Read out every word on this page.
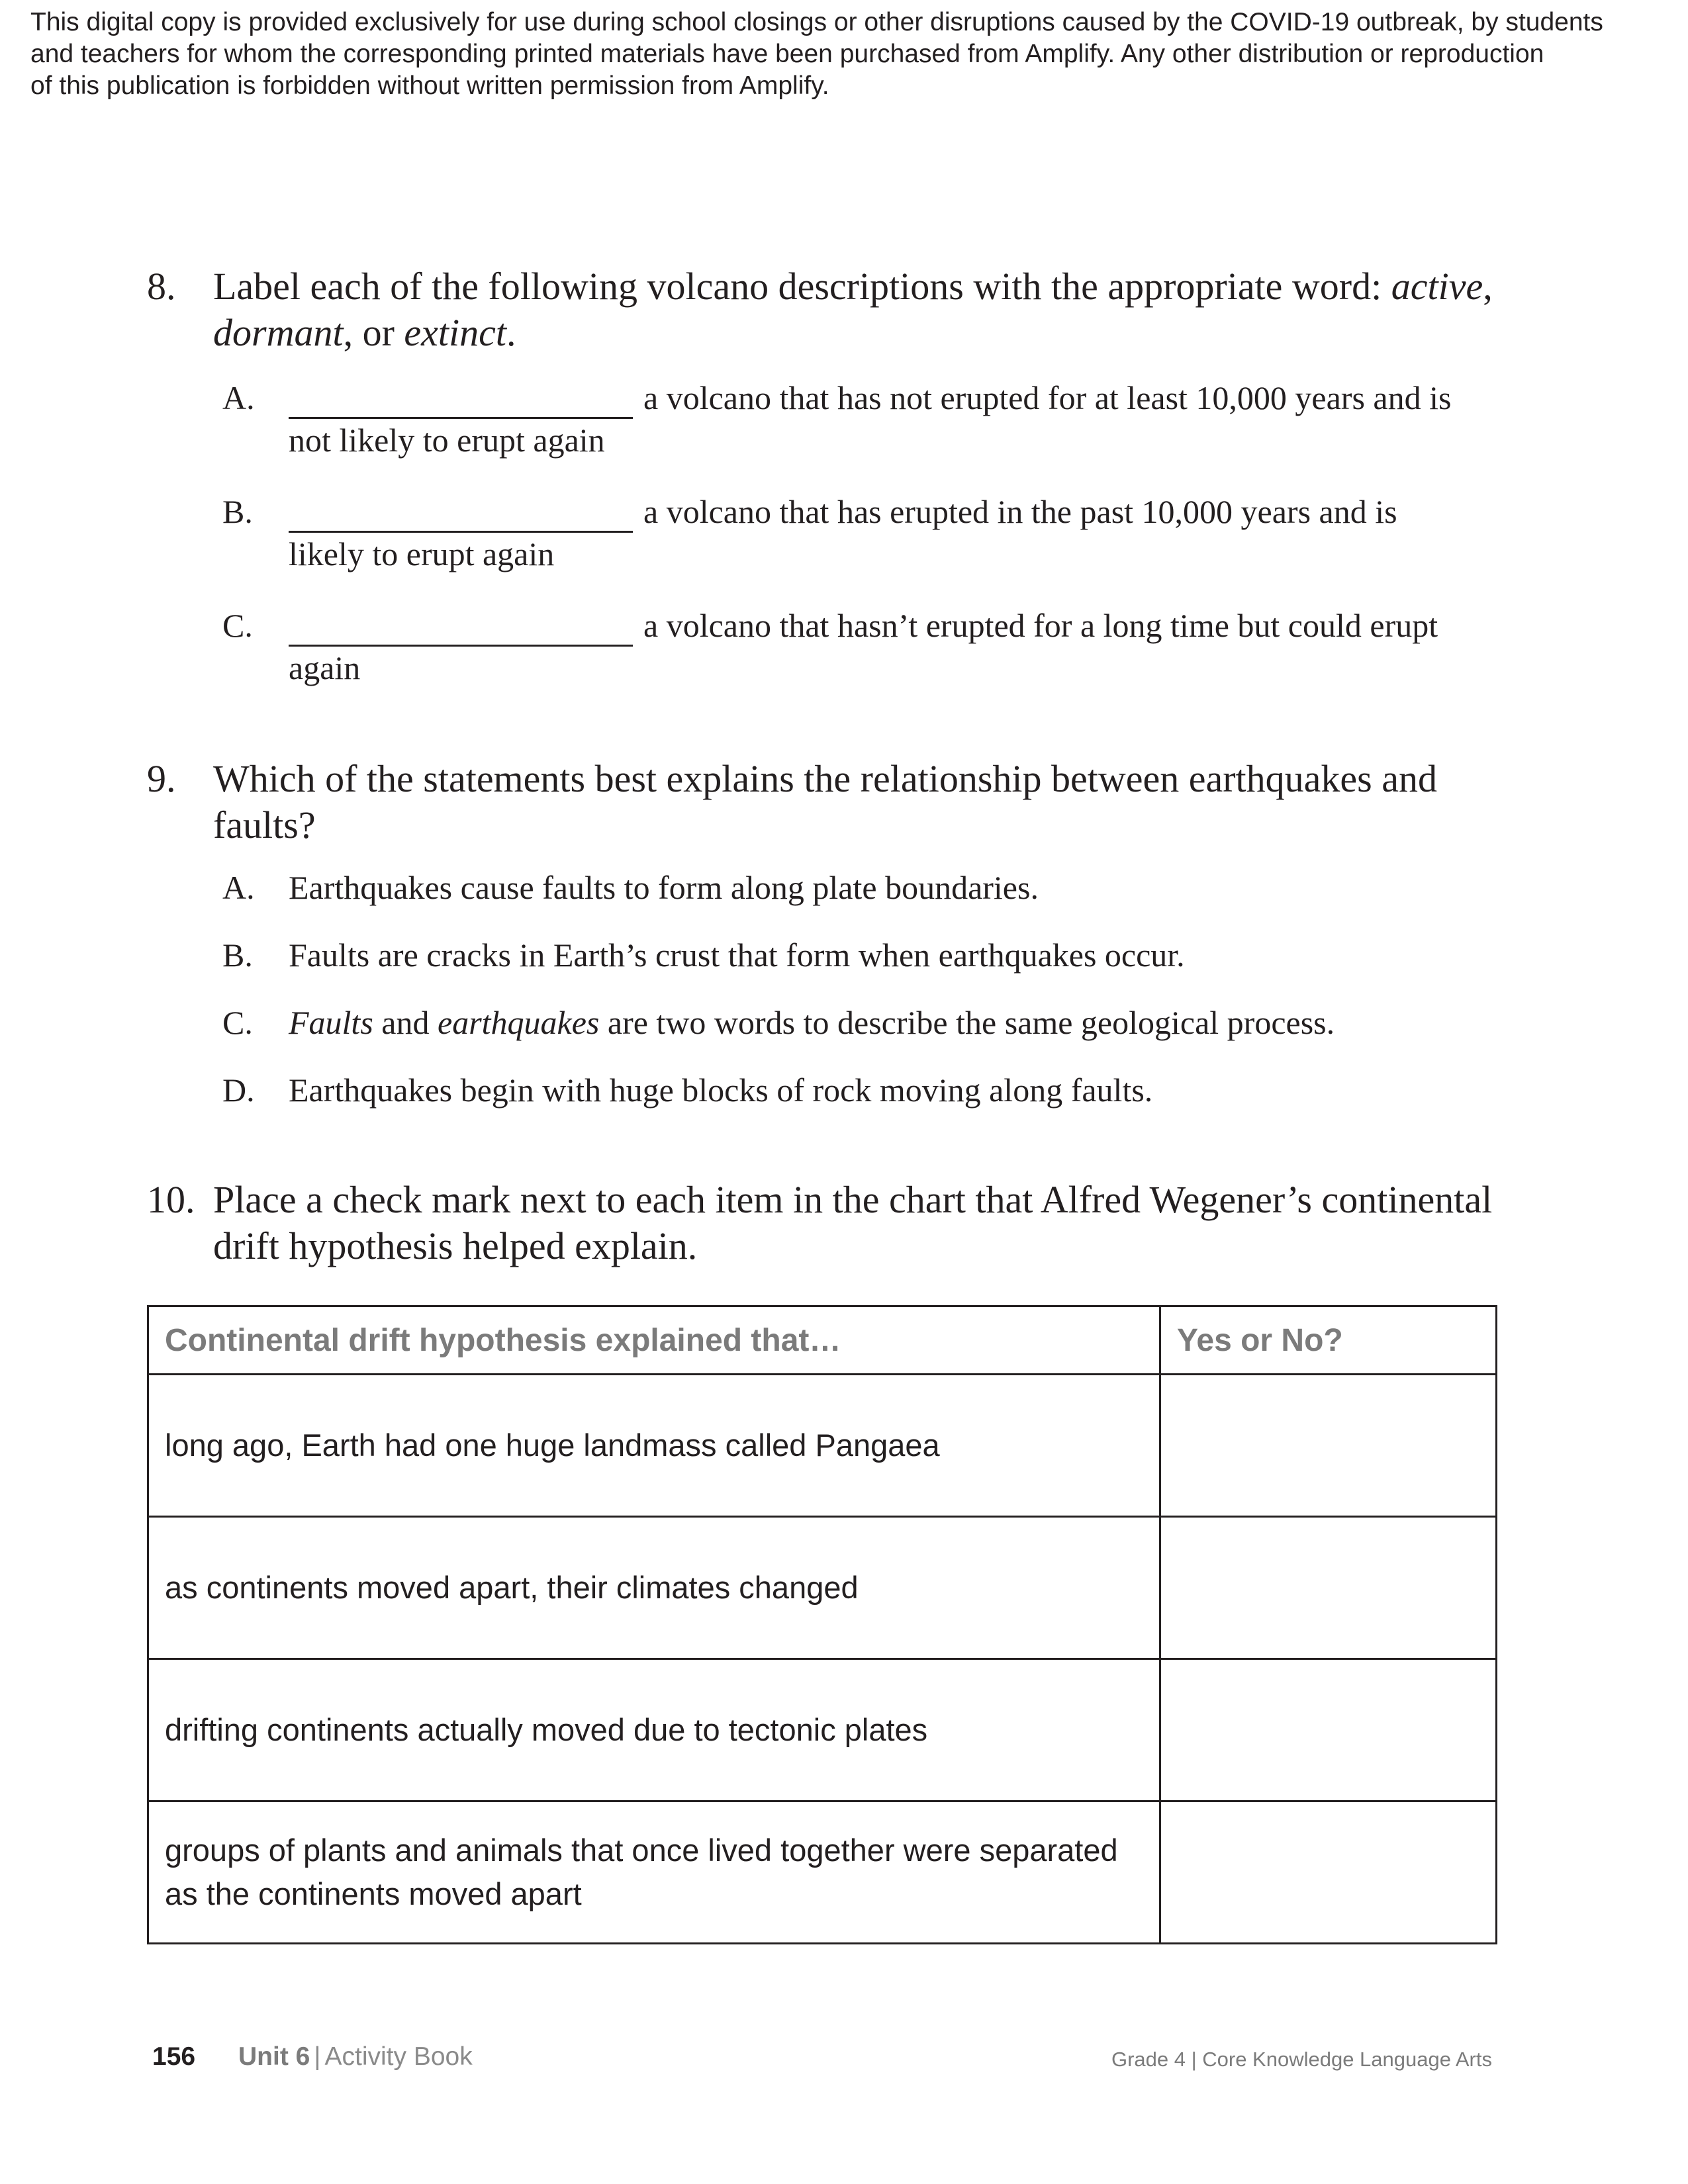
This digital copy is provided exclusively for use during school closings or other disruptions caused by the COVID-19 outbreak, by students
and teachers for whom the corresponding printed materials have been purchased from Amplify. Any other distribution or reproduction
of this publication is forbidden without written permission from Amplify.
8. Label each of the following volcano descriptions with the appropriate word: active,
dormant, or extinct.
A.	a volcano that has not erupted for at least 10,000 years and is
not likely to erupt again
B.	a volcano that has erupted in the past 10,000 years and is
likely to erupt again
C.	a volcano that hasn’t erupted for a long time but could erupt
again
9. Which of the statements best explains the relationship between earthquakes and
faults?
A. Earthquakes cause faults to form along plate boundaries.
B. Faults are cracks in Earth’s crust that form when earthquakes occur.
C. Faults and earthquakes are two words to describe the same geological process.
D. Earthquakes begin with huge blocks of rock moving along faults.
10. Place a check mark next to each item in the chart that Alfred Wegener’s continental
drift hypothesis helped explain.
Continental drift hypothesis explained that…	Yes or No?
long ago, Earth had one huge landmass called Pangaea	
as continents moved apart, their climates changed	
drifting continents actually moved due to tectonic plates	

groups of plants and animals that once lived together were separated
as the continents moved apart	

156 Unit 6 | Activity Book	Grade 4 | Core Knowledge Language Arts
